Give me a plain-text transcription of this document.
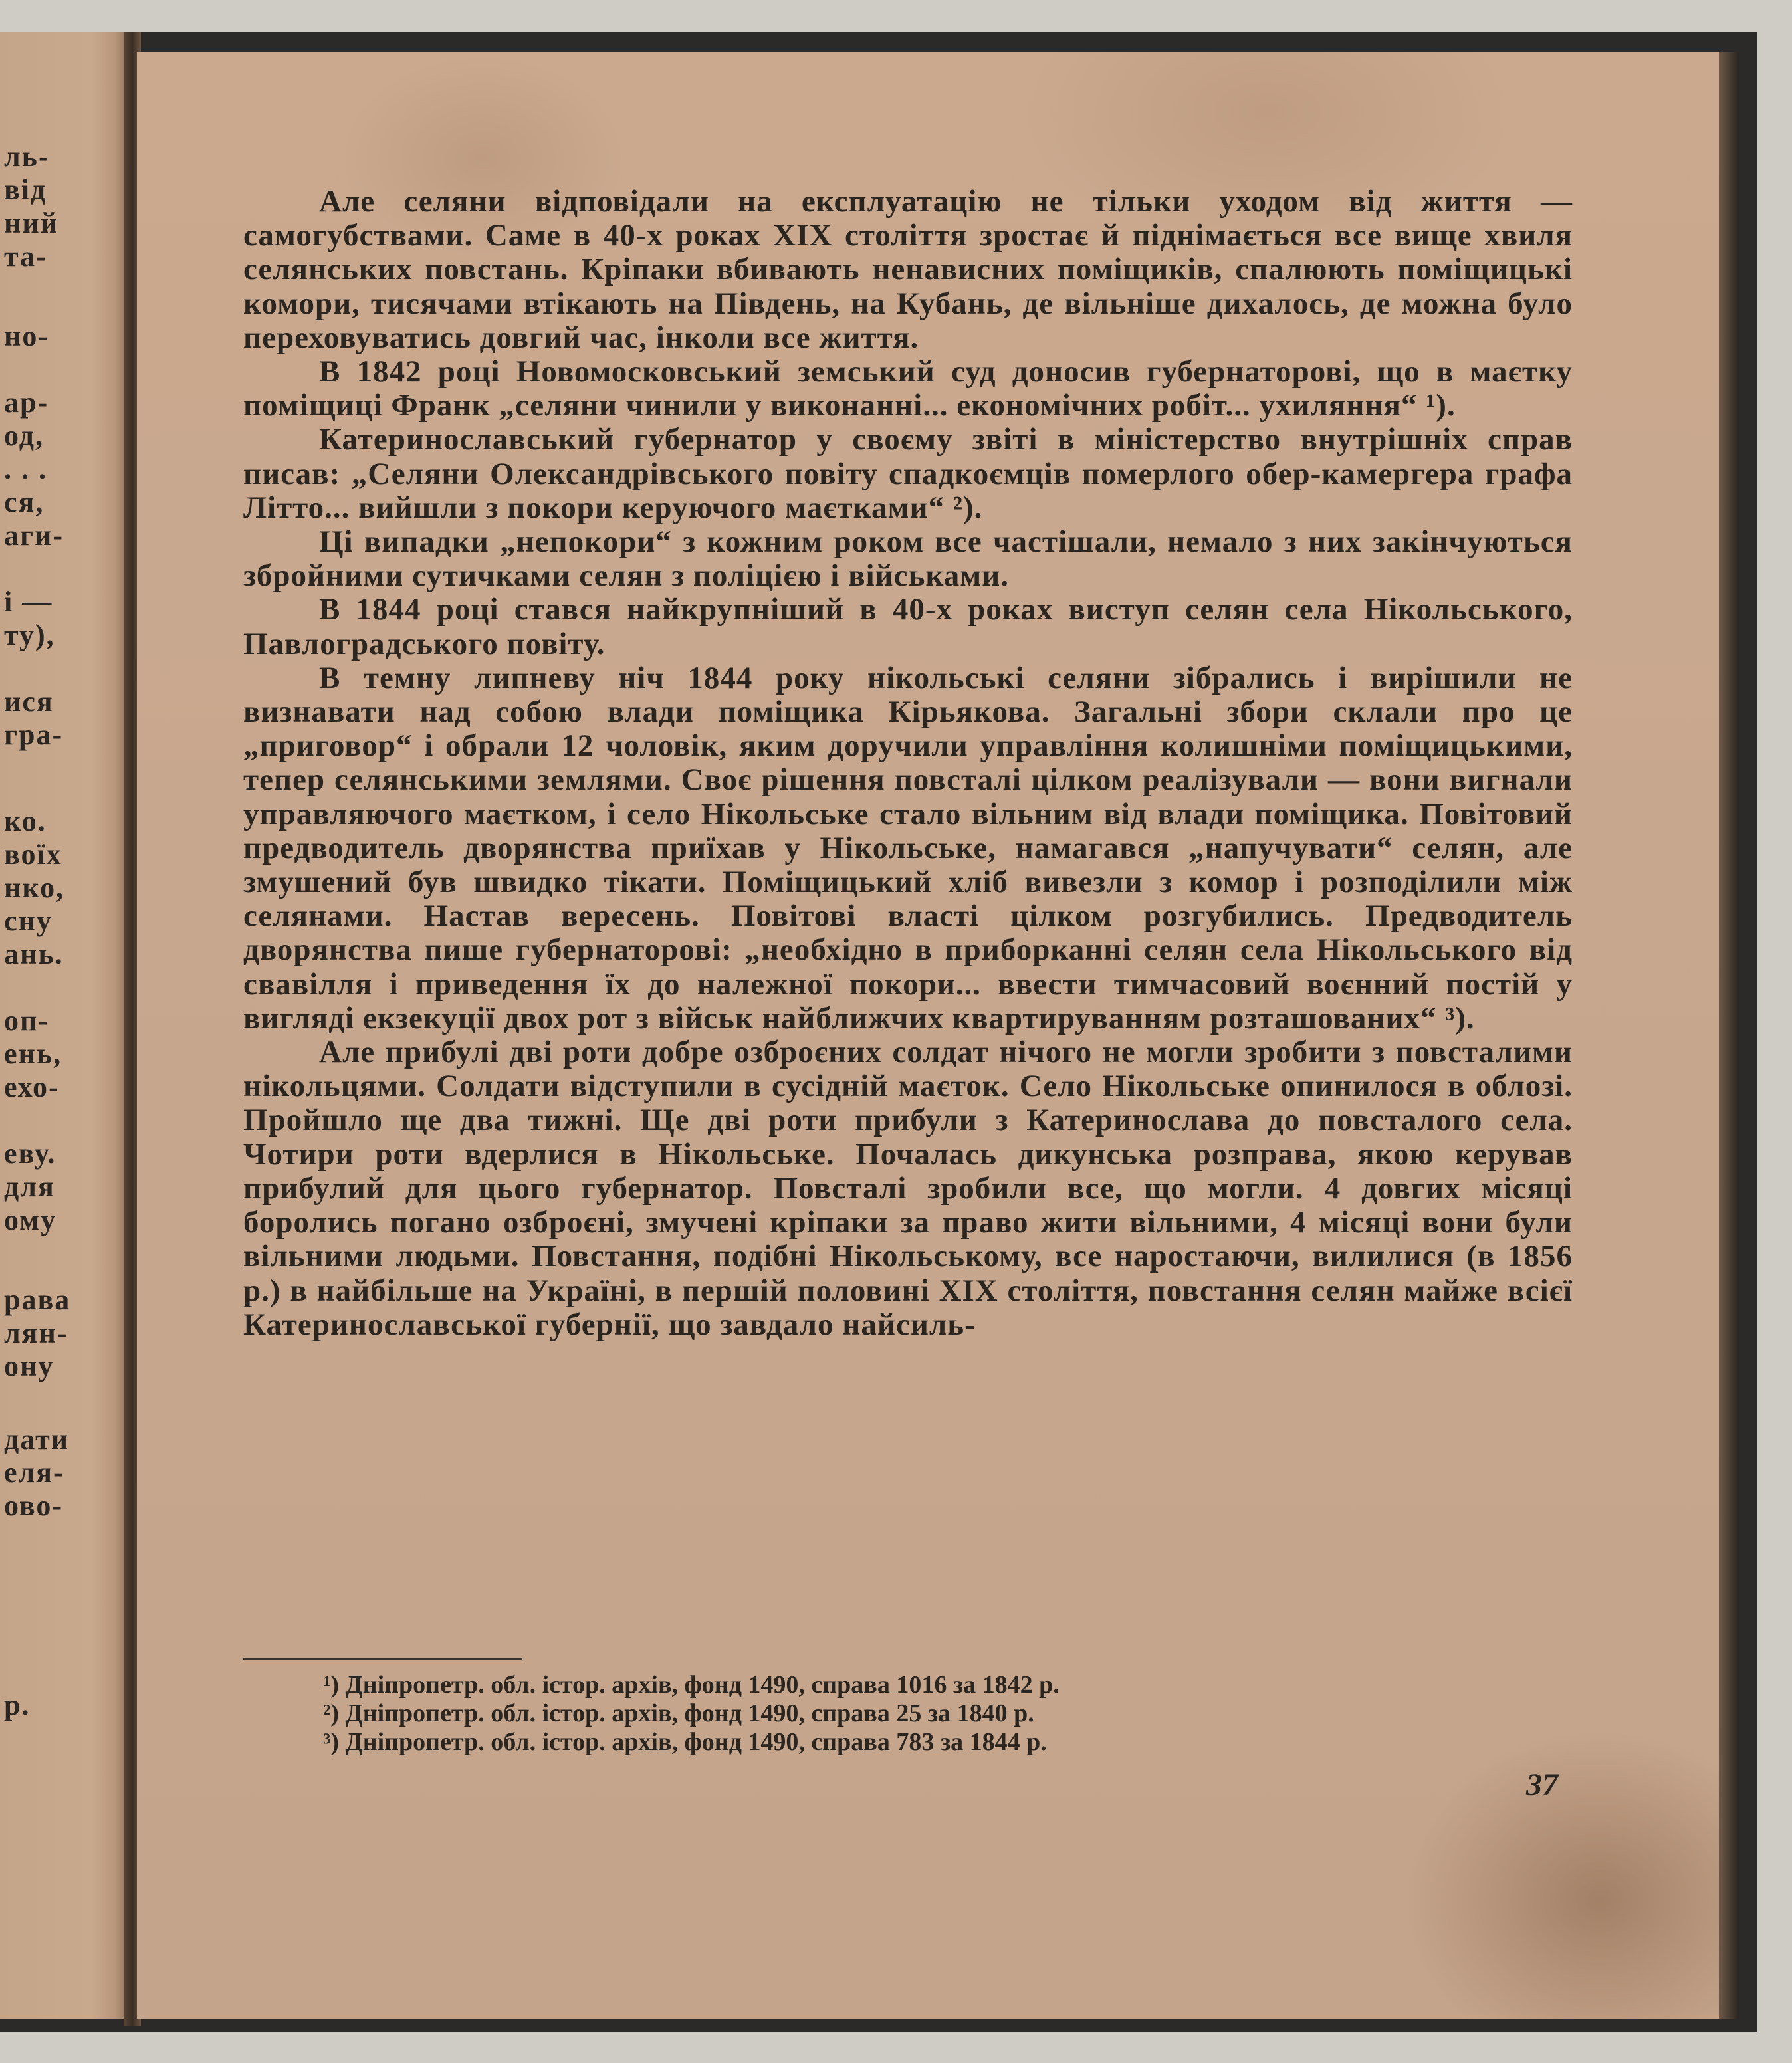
ль-
від
ний
та-
но-
ар-
од,
. . .
ся,
аги-
і —
ту),
ися
гра-
ко.
воїх
нко,
сну
ань.
оп-
ень,
ехо-
еву.
для
ому
рава
лян-
ону
дати
еля-
ово-
р.

Але селяни відповідали на експлуатацію не тільки уходом від життя — самогубствами. Саме в 40-х роках XIX століття зростає й піднімається все вище хвиля селянських повстань. Кріпаки вбивають ненависних поміщиків, спалюють поміщицькі комори, тисячами втікають на Південь, на Кубань, де вільніше дихалось, де можна було переховуватись довгий час, інколи все життя.

В 1842 році Новомосковський земський суд доносив губернаторові, що в маєтку поміщиці Франк „селяни чинили у виконанні... економічних робіт... ухиляння“ ¹).

Катеринославський губернатор у своєму звіті в міністерство внутрішніх справ писав: „Селяни Олександрівського повіту спадкоємців померлого обер-камергера графа Літто... вийшли з покори керуючого маєтками“ ²).

Ці випадки „непокори“ з кожним роком все частішали, немало з них закінчуються збройними сутичками селян з поліцією і військами.

В 1844 році стався найкрупніший в 40-х роках виступ селян села Нікольського, Павлоградського повіту.

В темну липневу ніч 1844 року нікольські селяни зібрались і вирішили не визнавати над собою влади поміщика Кірьякова. Загальні збори склали про це „приговор“ і обрали 12 чоловік, яким доручили управління колишніми поміщицькими, тепер селянськими землями. Своє рішення повсталі цілком реалізували — вони вигнали управляючого маєтком, і село Нікольське стало вільним від влади поміщика. Повітовий предводитель дворянства приїхав у Нікольське, намагався „напучувати“ селян, але змушений був швидко тікати. Поміщицький хліб вивезли з комор і розподілили між селянами. Настав вересень. Повітові власті цілком розгубились. Предводитель дворянства пише губернаторові: „необхідно в приборканні селян села Нікольського від свавілля і приведення їх до належної покори... ввести тимчасовий воєнний постій у вигляді екзекуції двох рот з військ найближчих квартируванням розташованих“ ³).

Але прибулі дві роти добре озброєних солдат нічого не могли зробити з повсталими нікольцями. Солдати відступили в сусідній маєток. Село Нікольське опинилося в облозі. Пройшло ще два тижні. Ще дві роти прибули з Катеринослава до повсталого села. Чотири роти вдерлися в Нікольське. Почалась дикунська розправа, якою керував прибулий для цього губернатор. Повсталі зробили все, що могли. 4 довгих місяці боролись погано озброєні, змучені кріпаки за право жити вільними, 4 місяці вони були вільними людьми. Повстання, подібні Нікольському, все наростаючи, вилилися (в 1856 р.) в найбільше на Україні, в першій половині XIX століття, повстання селян майже всієї Катеринославської губернії, що завдало найсиль-

¹) Дніпропетр. обл. істор. архів, фонд 1490, справа 1016 за 1842 р.
²) Дніпропетр. обл. істор. архів, фонд 1490, справа 25 за 1840 р.
³) Дніпропетр. обл. істор. архів, фонд 1490, справа 783 за 1844 р.
37
